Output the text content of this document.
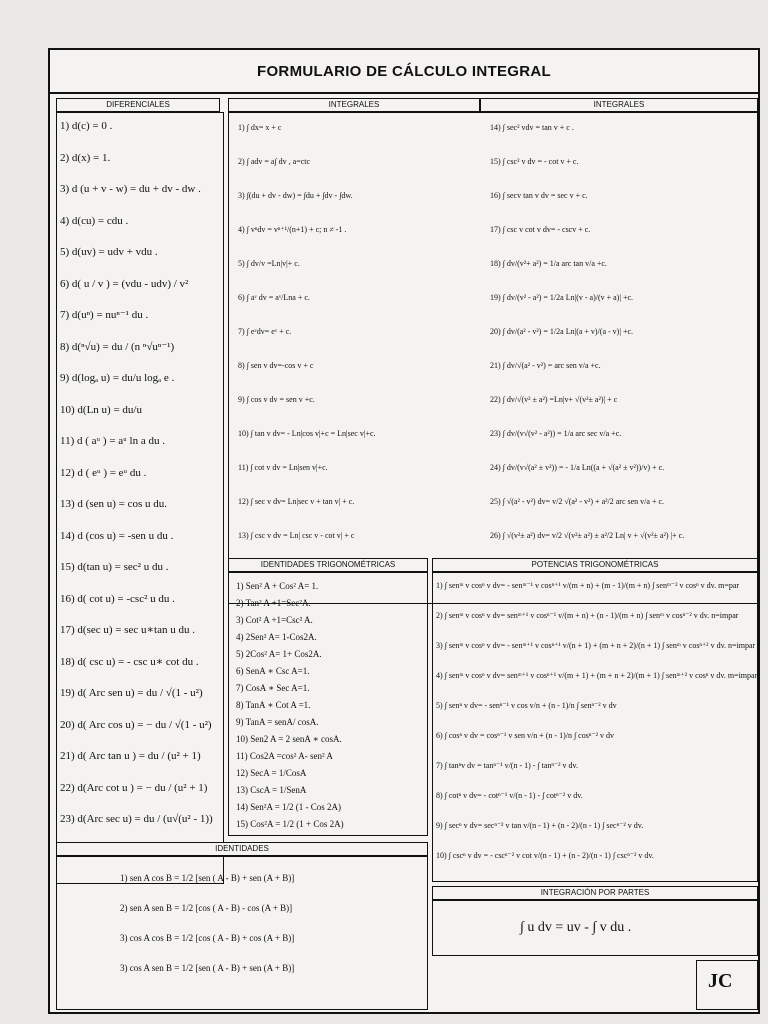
FORMULARIO DE CÁLCULO INTEGRAL
DIFERENCIALES	INTEGRALES	INTEGRALES
1) d(c) = 0 .
2) d(x) = 1.
3) d (u + v - w) = du + dv - dw .
4) d(cu) = cdu .
5) d(uv) = udv + vdu .
6) d( u / v ) = (vdu - udv) / v²
7) d(uⁿ) = nuⁿ⁻¹ du .
8) d(ⁿ√u) = du / (n ⁿ√uⁿ⁻¹)
9) d(logₐ u) = du/u logₐ e .
10) d(Ln u) = du/u
11) d ( aᵘ ) = aᵘ ln a du .
12) d ( eᵘ ) = eᵘ du .
13) d (sen u) = cos u du.
14) d (cos u) = -sen u du .
15) d(tan u) = sec² u du .
16) d( cot u) = -csc² u du .
17) d(sec u) = sec u∗tan u du .
18) d( csc u) = - csc u∗ cot du .
19) d( Arc sen u) = du / √(1 - u²)
20) d( Arc cos u) = − du / √(1 - u²)
21) d( Arc tan u ) = du / (u² + 1)
22) d(Arc cot u ) = − du / (u² + 1)
23) d(Arc sec u) = du / (u√(u² - 1))
1) ∫ dx= x + c
2) ∫ adv = a∫ dv , a=ctc
3) ∫(du + dv - dw) = ∫du + ∫dv - ∫dw.
4) ∫ vⁿdv = vⁿ⁺¹/(n+1) + c; n ≠ -1 .
5) ∫ dv/v =Ln|v|+ c.
6) ∫ aᵛ dv = aᵛ/Lna + c.
7) ∫ eᵛdv= eᵛ + c.
8) ∫ sen v dv=-cos v + c
9) ∫ cos v dv = sen v +c.
10) ∫ tan v dv= - Ln|cos v|+c = Ln|sec v|+c.
11) ∫ cot v dv = Ln|sen v|+c.
12) ∫ sec v dv= Ln|sec v + tan v| + c.
13) ∫ csc v dv = Ln| csc v - cot v| + c
14) ∫ sec² vdv = tan v + c .
15) ∫ csc² v dv = - cot v + c.
16) ∫ secv tan v dv = sec v + c.
17) ∫ csc v cot v dv= - cscv + c.
18) ∫ dv/(v²+ a²) = 1/a arc tan v/a +c.
19) ∫ dv/(v² - a²) = 1/2a Ln|(v - a)/(v + a)| +c.
20) ∫ dv/(a² - v²) = 1/2a Ln|(a + v)/(a - v)| +c.
21) ∫ dv/√(a² - v²) = arc sen v/a +c.
22) ∫ dv/√(v² ± a²) =Ln|v+ √(v²± a²)| + c
23) ∫ dv/(v√(v² - a²)) = 1/a arc sec v/a +c.
24) ∫ dv/(v√(a² ± v²)) = - 1/a Ln((a + √(a² ± v²))/v) + c.
25) ∫ √(a² - v²) dv= v/2 √(a² - v²) + a²/2 arc sen v/a + c.
26) ∫ √(v²± a²) dv= v/2 √(v²± a²) ± a²/2 Ln| v + √(v²± a²) |+ c.
IDENTIDADES TRIGONOMÉTRICAS	POTENCIAS TRIGONOMÉTRICAS
1) Sen² A + Cos² A= 1.
2) Tan² A +1=Sec²A.
3) Cot² A +1=Csc² A.
4) 2Sen² A= 1-Cos2A.
5) 2Cos² A= 1+ Cos2A.
6) SenA ∗ Csc A=1.
7) CosA ∗ Sec A=1.
8) TanA ∗ Cot A =1.
9) TanA = senA/ cosA.
10) Sen2 A = 2 senA ∗ cosA.
11) Cos2A =cos² A- sen² A
12) SecA = 1/CosA
13) CscA = 1/SenA
14) Sen²A = 1/2 (1 - Cos 2A)
15) Cos²A = 1/2 (1 + Cos 2A)
1) ∫ senᵐ v cosⁿ v dv= - senᵐ⁻¹ v cosⁿ⁺¹ v/(m + n) + (m - 1)/(m + n) ∫ senᵐ⁻² v cosⁿ v dv. m=par
2) ∫ senᵐ v cosⁿ v dv= senᵐ⁺¹ v cosⁿ⁻¹ v/(m + n) + (n - 1)/(m + n) ∫ senᵐ v cosⁿ⁻² v dv. n=impar
3) ∫ senᵐ v cosⁿ v dv= - senᵐ⁺¹ v cosⁿ⁺¹ v/(n + 1) + (m + n + 2)/(n + 1) ∫ senᵐ v cosⁿ⁺² v dv. n=impar
4) ∫ senᵐ v cosⁿ v dv= senᵐ⁺¹ v cosⁿ⁺¹ v/(m + 1) + (m + n + 2)/(m + 1) ∫ senᵐ⁺² v cosⁿ v dv. m=impar
5) ∫ senⁿ v dv= - senⁿ⁻¹ v cos v/n + (n - 1)/n ∫ senⁿ⁻² v dv
6) ∫ cosⁿ v dv = cosⁿ⁻¹ v sen v/n + (n - 1)/n ∫ cosⁿ⁻² v dv
7) ∫ tanⁿv dv = tanⁿ⁻¹ v/(n - 1) - ∫ tanⁿ⁻² v dv.
8) ∫ cotⁿ v dv= - cotⁿ⁻¹ v/(n - 1) - ∫ cotⁿ⁻² v dv.
9) ∫ secⁿ v dv= secⁿ⁻² v tan v/(n - 1) + (n - 2)/(n - 1) ∫ secⁿ⁻² v dv.
10) ∫ cscⁿ v dv = - cscⁿ⁻² v cot v/(n - 1) + (n - 2)/(n - 1) ∫ cscⁿ⁻² v dv.
IDENTIDADES
1) sen A cos B = 1/2 [sen ( A - B) + sen (A + B)]
2) sen A sen B = 1/2 [cos ( A - B) - cos (A + B)]
3) cos A cos B = 1/2 [cos ( A - B) + cos (A + B)]
3) cos A sen B = 1/2 [sen ( A - B) + sen (A + B)]
INTEGRACIÓN POR PARTES
∫ u dv = uv - ∫ v du .
JC
